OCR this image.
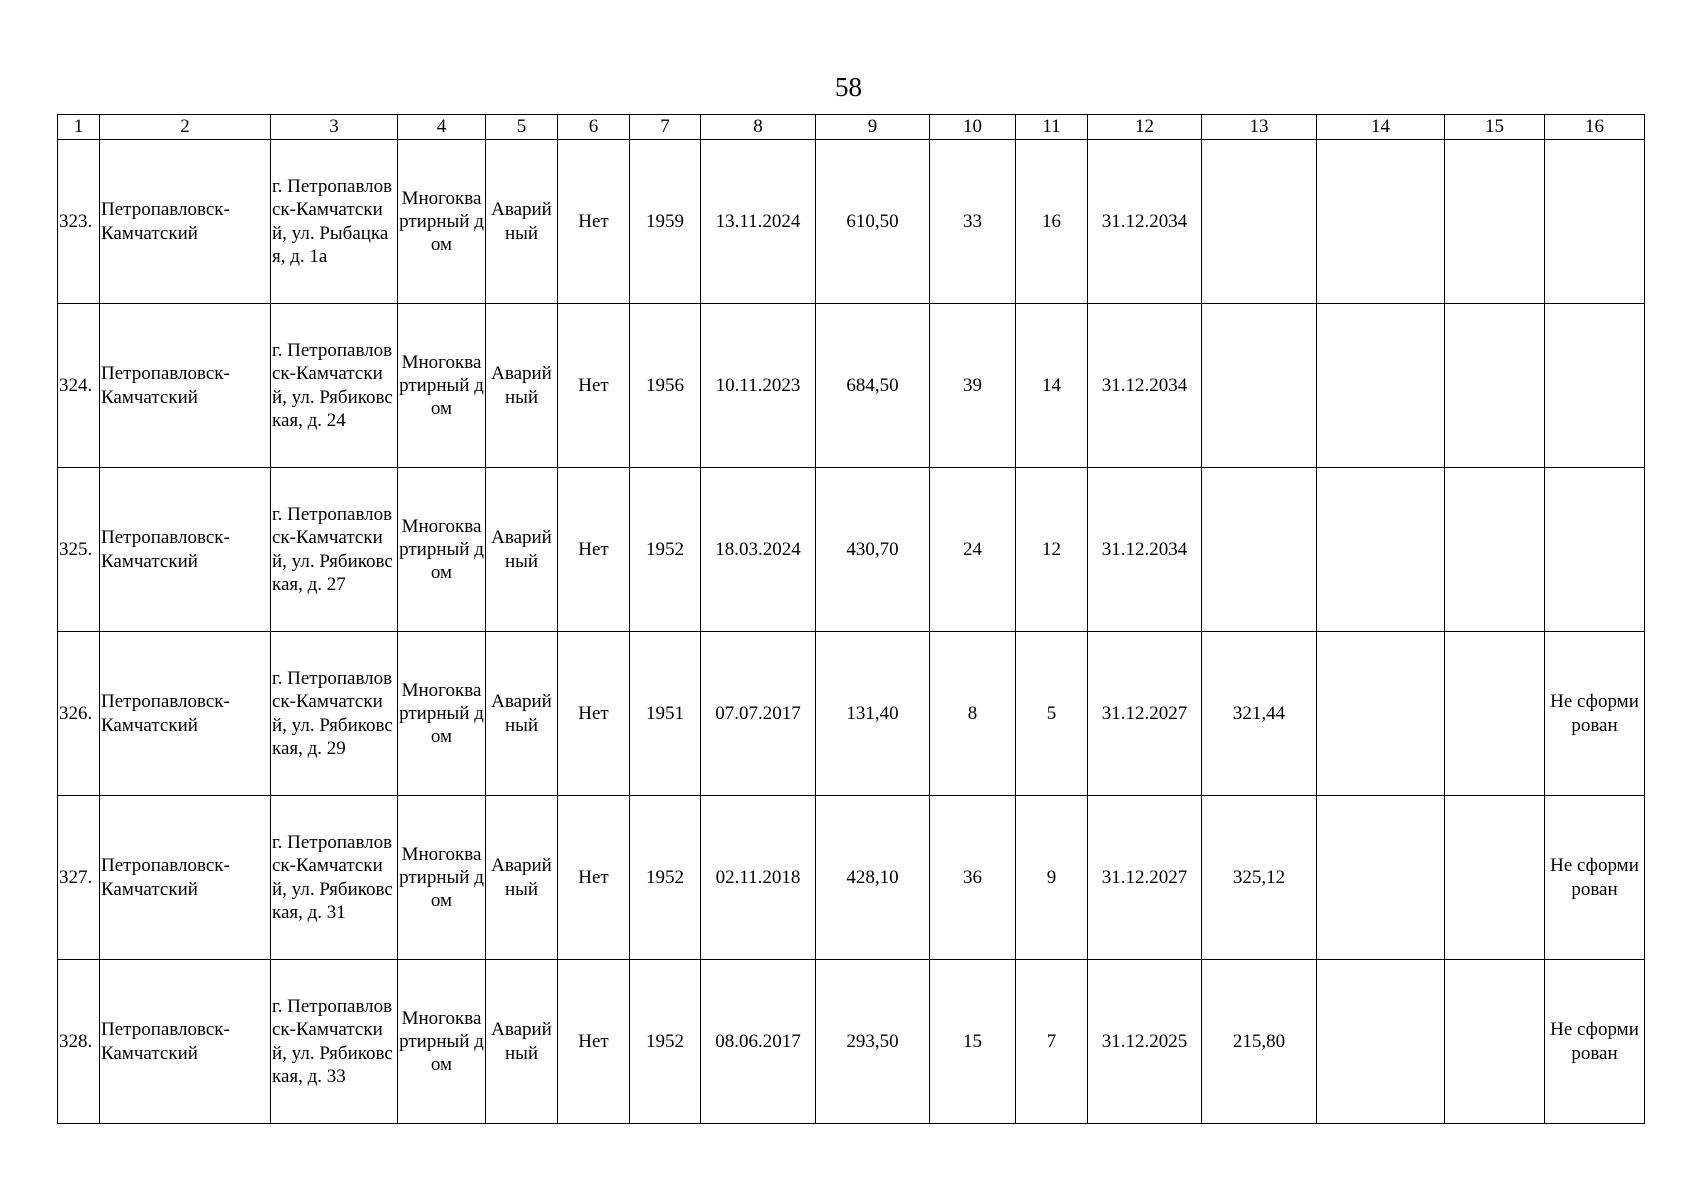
58
1	2	3	4	5	6	7	8	9	10	11	12	13	14	15	16
323.	Петропавловск-Камчатский	г. Петропавловск-Камчатский, ул. Рыбацкая, д. 1а	Многоквартирный дом	Аварийный	Нет	1959	13.11.2024	610,50	33	16	31.12.2034				
324.	Петропавловск-Камчатский	г. Петропавловск-Камчатский, ул. Рябиковская, д. 24	Многоквартирный дом	Аварийный	Нет	1956	10.11.2023	684,50	39	14	31.12.2034				
325.	Петропавловск-Камчатский	г. Петропавловск-Камчатский, ул. Рябиковская, д. 27	Многоквартирный дом	Аварийный	Нет	1952	18.03.2024	430,70	24	12	31.12.2034				
326.	Петропавловск-Камчатский	г. Петропавловск-Камчатский, ул. Рябиковская, д. 29	Многоквартирный дом	Аварийный	Нет	1951	07.07.2017	131,40	8	5	31.12.2027	321,44			Не сформирован
327.	Петропавловск-Камчатский	г. Петропавловск-Камчатский, ул. Рябиковская, д. 31	Многоквартирный дом	Аварийный	Нет	1952	02.11.2018	428,10	36	9	31.12.2027	325,12			Не сформирован
328.	Петропавловск-Камчатский	г. Петропавловск-Камчатский, ул. Рябиковская, д. 33	Многоквартирный дом	Аварийный	Нет	1952	08.06.2017	293,50	15	7	31.12.2025	215,80			Не сформирован
